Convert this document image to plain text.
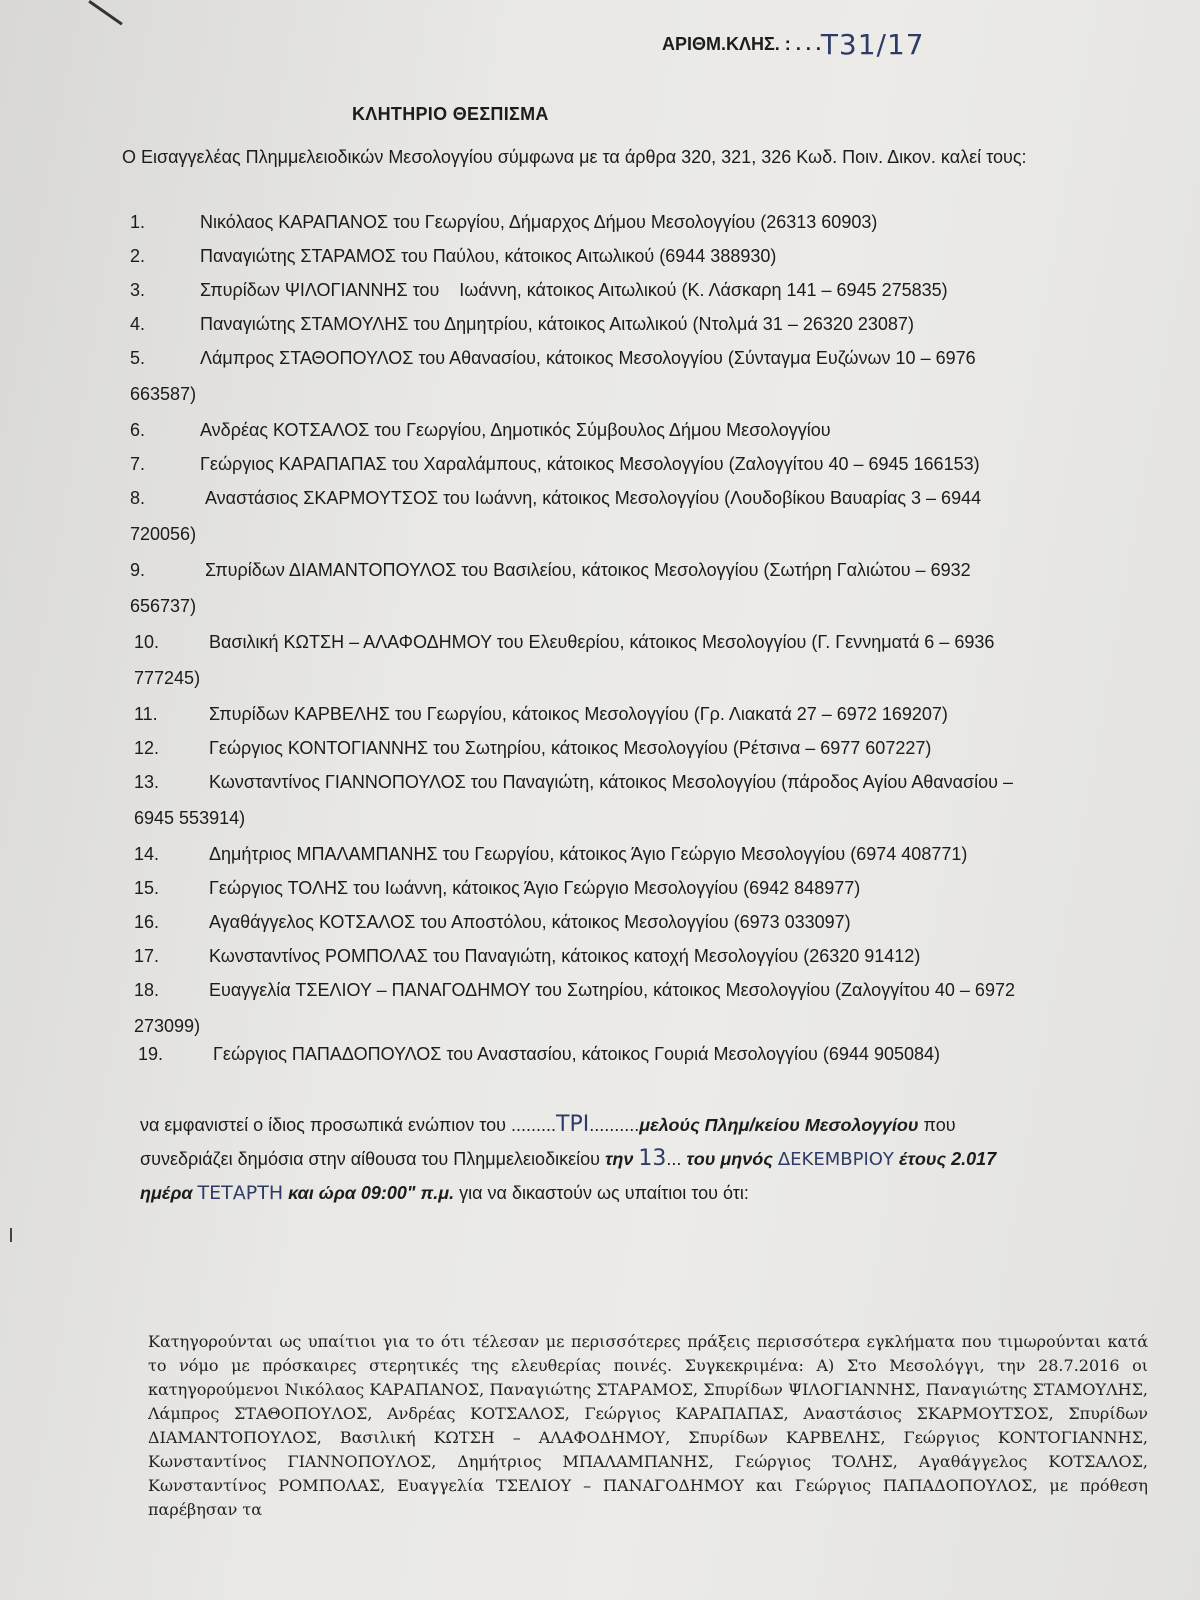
ΑΡΙΘΜ.ΚΛΗΣ. : . . .Τ31/17
ΚΛΗΤΗΡΙΟ ΘΕΣΠΙΣΜΑ
Ο Εισαγγελέας Πλημμελειοδικών Μεσολογγίου σύμφωνα με τα άρθρα 320, 321, 326 Κωδ. Ποιν. Δικον. καλεί τους:
1.	Νικόλαος ΚΑΡΑΠΑΝΟΣ του Γεωργίου, Δήμαρχος Δήμου Μεσολογγίου (26313 60903)
2.	Παναγιώτης ΣΤΑΡΑΜΟΣ του Παύλου, κάτοικος Αιτωλικού (6944 388930)
3.	Σπυρίδων ΨΙΛΟΓΙΑΝΝΗΣ του    Ιωάννη, κάτοικος Αιτωλικού (Κ. Λάσκαρη 141 – 6945 275835)
4.	Παναγιώτης ΣΤΑΜΟΥΛΗΣ του Δημητρίου, κάτοικος Αιτωλικού (Ντολμά 31 – 26320 23087)
5.	Λάμπρος ΣΤΑΘΟΠΟΥΛΟΣ του Αθανασίου, κάτοικος Μεσολογγίου (Σύνταγμα Ευζώνων 10 – 6976
663587)
6.	Ανδρέας ΚΟΤΣΑΛΟΣ του Γεωργίου, Δημοτικός Σύμβουλος Δήμου Μεσολογγίου
7.	Γεώργιος ΚΑΡΑΠΑΠΑΣ του Χαραλάμπους, κάτοικος Μεσολογγίου (Ζαλογγίτου 40 – 6945 166153)
8.	Αναστάσιος ΣΚΑΡΜΟΥΤΣΟΣ του Ιωάννη, κάτοικος Μεσολογγίου (Λουδοβίκου Βαυαρίας 3 – 6944
720056)
9.	Σπυρίδων ΔΙΑΜΑΝΤΟΠΟΥΛΟΣ του Βασιλείου, κάτοικος Μεσολογγίου (Σωτήρη Γαλιώτου – 6932
656737)
10.	Βασιλική ΚΩΤΣΗ – ΑΛΑΦΟΔΗΜΟΥ του Ελευθερίου, κάτοικος Μεσολογγίου (Γ. Γεννηματά 6 – 6936
777245)
11.	Σπυρίδων ΚΑΡΒΕΛΗΣ του Γεωργίου, κάτοικος Μεσολογγίου (Γρ. Λιακατά 27 – 6972 169207)
12.	Γεώργιος ΚΟΝΤΟΓΙΑΝΝΗΣ του Σωτηρίου, κάτοικος Μεσολογγίου (Ρέτσινα – 6977 607227)
13.	Κωνσταντίνος ΓΙΑΝΝΟΠΟΥΛΟΣ του Παναγιώτη, κάτοικος Μεσολογγίου (πάροδος Αγίου Αθανασίου –
6945 553914)
14.	Δημήτριος ΜΠΑΛΑΜΠΑΝΗΣ του Γεωργίου, κάτοικος Άγιο Γεώργιο Μεσολογγίου (6974 408771)
15.	Γεώργιος ΤΟΛΗΣ του Ιωάννη, κάτοικος Άγιο Γεώργιο Μεσολογγίου (6942 848977)
16.	Αγαθάγγελος ΚΟΤΣΑΛΟΣ του Αποστόλου, κάτοικος Μεσολογγίου (6973 033097)
17.	Κωνσταντίνος ΡΟΜΠΟΛΑΣ του Παναγιώτη, κάτοικος κατοχή Μεσολογγίου (26320 91412)
18.	Ευαγγελία ΤΣΕΛΙΟΥ – ΠΑΝΑΓΟΔΗΜΟΥ του Σωτηρίου, κάτοικος Μεσολογγίου (Ζαλογγίτου 40 – 6972
273099)
19.	Γεώργιος ΠΑΠΑΔΟΠΟΥΛΟΣ του Αναστασίου, κάτοικος Γουριά Μεσολογγίου (6944 905084)
να εμφανιστεί ο ίδιος προσωπικά ενώπιον του .........ΤΡΙ..........μελούς Πλημ/κείου Μεσολογγίου που
συνεδριάζει δημόσια στην αίθουσα του Πλημμελειοδικείου την 13... του μηνός ΔΕΚΕΜΒΡΙΟΥ έτους 2.017
ημέρα ΤΕΤΑΡΤΗ και ώρα 09:00" π.μ. για να δικαστούν ως υπαίτιοι του ότι:
Κατηγορούνται ως υπαίτιοι για το ότι τέλεσαν με περισσότερες πράξεις περισσότερα εγκλήματα που τιμωρούνται κατά το νόμο με πρόσκαιρες στερητικές της ελευθερίας ποινές. Συγκεκριμένα: Α) Στο Μεσολόγγι, την 28.7.2016 οι κατηγορούμενοι Νικόλαος ΚΑΡΑΠΑΝΟΣ, Παναγιώτης ΣΤΑΡΑΜΟΣ, Σπυρίδων ΨΙΛΟΓΙΑΝΝΗΣ, Παναγιώτης ΣΤΑΜΟΥΛΗΣ, Λάμπρος ΣΤΑΘΟΠΟΥΛΟΣ, Ανδρέας ΚΟΤΣΑΛΟΣ, Γεώργιος ΚΑΡΑΠΑΠΑΣ, Αναστάσιος ΣΚΑΡΜΟΥΤΣΟΣ, Σπυρίδων ΔΙΑΜΑΝΤΟΠΟΥΛΟΣ, Βασιλική ΚΩΤΣΗ – ΑΛΑΦΟΔΗΜΟΥ, Σπυρίδων ΚΑΡΒΕΛΗΣ, Γεώργιος ΚΟΝΤΟΓΙΑΝΝΗΣ, Κωνσταντίνος ΓΙΑΝΝΟΠΟΥΛΟΣ, Δημήτριος ΜΠΑΛΑΜΠΑΝΗΣ, Γεώργιος ΤΟΛΗΣ, Αγαθάγγελος ΚΟΤΣΑΛΟΣ, Κωνσταντίνος ΡΟΜΠΟΛΑΣ, Ευαγγελία ΤΣΕΛΙΟΥ – ΠΑΝΑΓΟΔΗΜΟΥ και Γεώργιος ΠΑΠΑΔΟΠΟΥΛΟΣ, με πρόθεση παρέβησαν τα
